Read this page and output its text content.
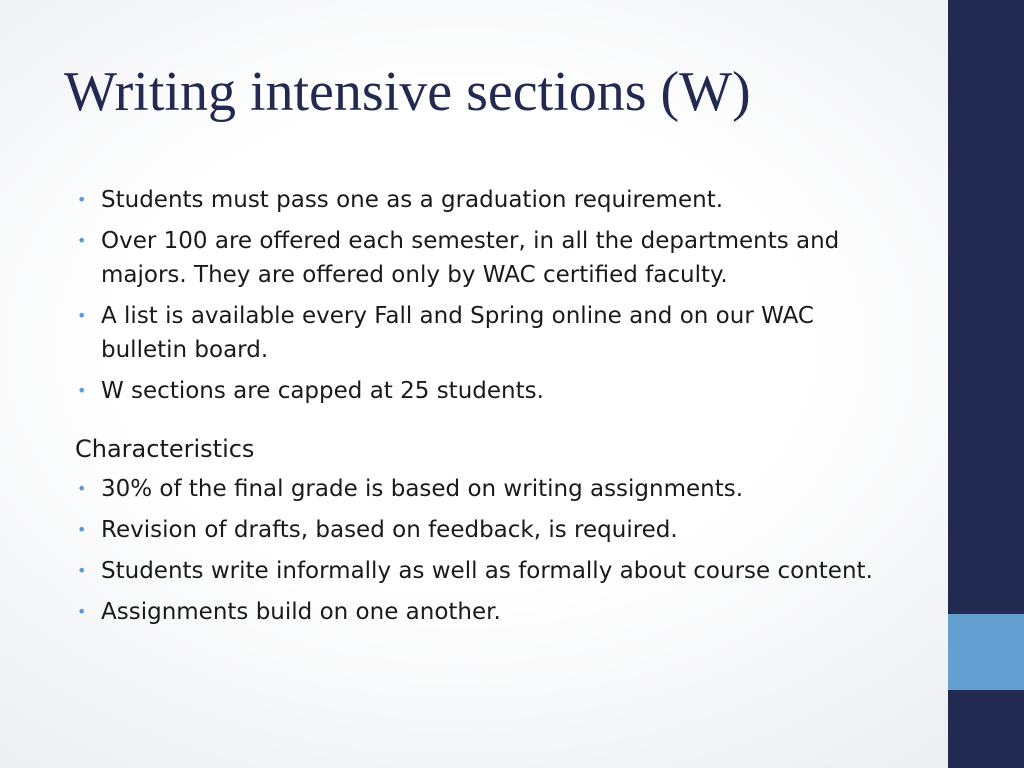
Writing intensive sections (W)
• Students must pass one as a graduation requirement.
• Over 100 are offered each semester, in all the departments and majors. They are offered only by WAC certified faculty.
• A list is available every Fall and Spring online and on our WAC bulletin board.
• W sections are capped at 25 students.
Characteristics
• 30% of the final grade is based on writing assignments.
• Revision of drafts, based on feedback, is required.
• Students write informally as well as formally about course content.
• Assignments build on one another.
